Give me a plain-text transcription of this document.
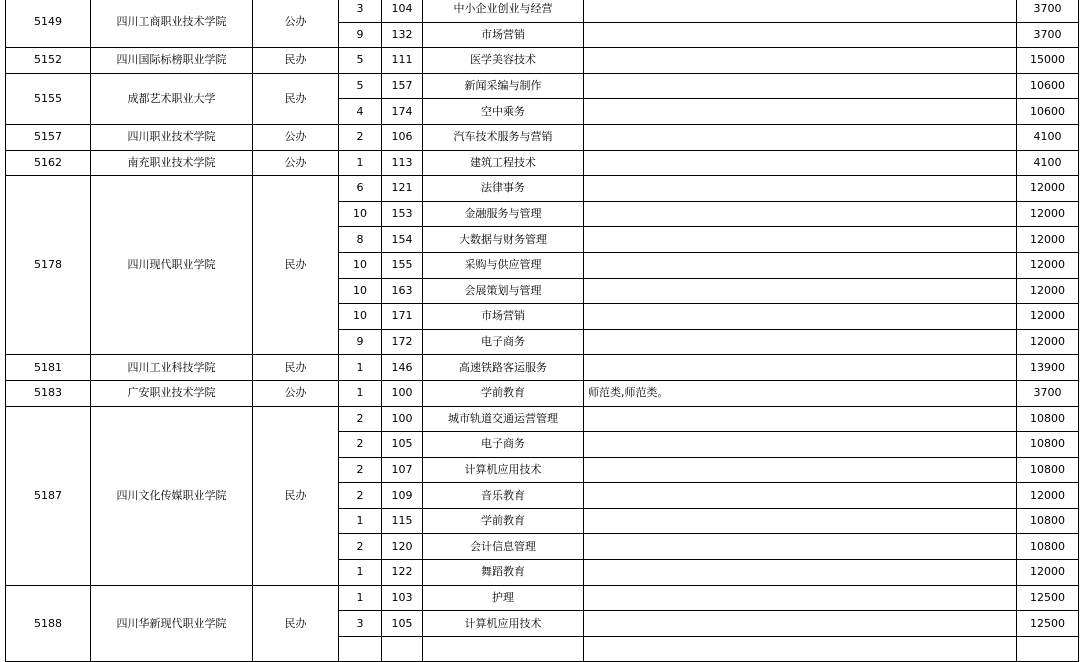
5149	四川工商职业技术学院	公办	3	104	中小企业创业与经营		3700
			9	132	市场营销		3700
5152	四川国际标榜职业学院	民办	5	111	医学美容技术		15000
5155	成都艺术职业大学	民办	5	157	新闻采编与制作		10600
			4	174	空中乘务		10600
5157	四川职业技术学院	公办	2	106	汽车技术服务与营销		4100
5162	南充职业技术学院	公办	1	113	建筑工程技术		4100
5178	四川现代职业学院	民办	6	121	法律事务		12000
			10	153	金融服务与管理		12000
			8	154	大数据与财务管理		12000
			10	155	采购与供应管理		12000
			10	163	会展策划与管理		12000
			10	171	市场营销		12000
			9	172	电子商务		12000
5181	四川工业科技学院	民办	1	146	高速铁路客运服务		13900
5183	广安职业技术学院	公办	1	100	学前教育	师范类,师范类。	3700
5187	四川文化传媒职业学院	民办	2	100	城市轨道交通运营管理		10800
			2	105	电子商务		10800
			2	107	计算机应用技术		10800
			2	109	音乐教育		12000
			1	115	学前教育		10800
			2	120	会计信息管理		10800
			1	122	舞蹈教育		12000
5188	四川华新现代职业学院	民办	1	103	护理		12500
			3	105	计算机应用技术		12500
